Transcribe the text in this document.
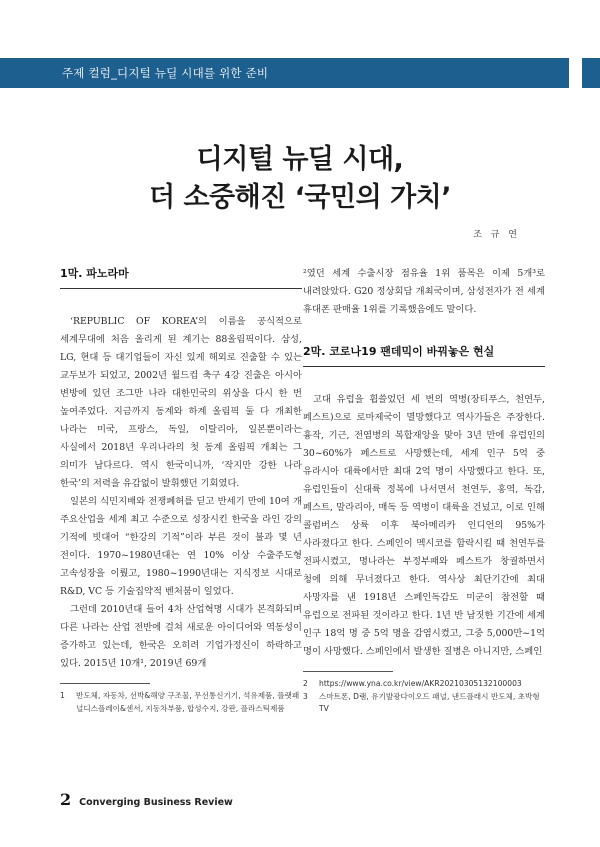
주제 컬럼_디지털 뉴딜 시대를 위한 준비
디지털 뉴딜 시대,
더 소중해진 ‘국민의 가치’
조 규 연
1막. 파노라마

‘REPUBLIC OF KOREA’의 이름을 공식적으로 세계무대에 처음 올리게 된 계기는 88올림픽이다. 삼성, LG, 현대 등 대기업들이 자신 있게 해외로 진출할 수 있는 교두보가 되었고, 2002년 월드컵 축구 4강 진출은 아시아 변방에 있던 조그만 나라 대한민국의 위상을 다시 한 번 높여주었다. 지금까지 동계와 하계 올림픽 둘 다 개최한 나라는 미국, 프랑스, 독일, 이탈리아, 일본뿐이라는 사실에서 2018년 우리나라의 첫 동계 올림픽 개최는 그 의미가 남다르다. 역시 한국이니까, ‘작지만 강한 나라 한국’의 저력을 유감없이 발휘했던 기회였다.

일본의 식민지배와 전쟁폐허를 딛고 반세기 만에 10여 개 주요산업을 세계 최고 수준으로 성장시킨 한국을 라인 강의 기적에 빗대어 “한강의 기적”이라 부른 것이 불과 몇 년 전이다. 1970~1980년대는 연 10% 이상 수출주도형 고속성장을 이뤘고, 1980~1990년대는 지식정보 시대로 R&D, VC 등 기술집약적 벤처붐이 일었다.

그런데 2010년대 들어 4차 산업혁명 시대가 본격화되며 다른 나라는 산업 전반에 걸쳐 새로운 아이디어와 역동성이 증가하고 있는데, 한국은 오히려 기업가정신이 하락하고 있다. 2015년 10개¹, 2019년 69개

1	반도체, 자동차, 선박&해양 구조물, 무선통신기기, 석유제품, 플랫패널디스플레이&센서, 지동차부품, 합성수지, 강판, 플라스틱제품

²였던 세계 수출시장 점유율 1위 품목은 이제 5개³로 내려앉았다. G20 정상회담 개최국이며, 삼성전자가 전 세계 휴대폰 판매율 1위를 기록했음에도 말이다.

2막. 코로나19 팬데믹이 바꿔놓은 현실

고대 유럽을 휩쓸었던 세 번의 역병(장티푸스, 천연두, 페스트)으로 로마제국이 멸망했다고 역사가들은 주장한다. 흉작, 기근, 전염병의 복합재앙을 맞아 3년 만에 유럽인의 30~60%가 페스트로 사망했는데, 세계 인구 5억 중 유라시아 대륙에서만 최대 2억 명이 사망했다고 한다. 또, 유럽인들이 신대륙 정복에 나서면서 천연두, 홍역, 독감, 페스트, 말라리아, 매독 등 역병이 대륙을 건넜고, 이로 인해 콜럼버스 상륙 이후 북아메리카 인디언의 95%가 사라졌다고 한다. 스페인이 멕시코를 함락시킬 때 천연두를 전파시켰고, 명나라는 부정부패와 페스트가 창궐하면서 청에 의해 무너졌다고 한다. 역사상 최단기간에 최대 사망자를 낸 1918년 스페인독감도 미군이 참전할 때 유럽으로 전파된 것이라고 한다. 1년 반 남짓한 기간에 세계 인구 18억 명 중 5억 명을 감염시켰고, 그중 5,000만~1억 명이 사망했다. 스페인에서 발생한 질병은 아니지만, 스페인

2	https://www.yna.co.kr/view/AKR20210305132100003
3	스마트폰, D램, 유기발광다이오드 패널, 낸드플래시 반도체, 초박형 TV
2 Converging Business Review
